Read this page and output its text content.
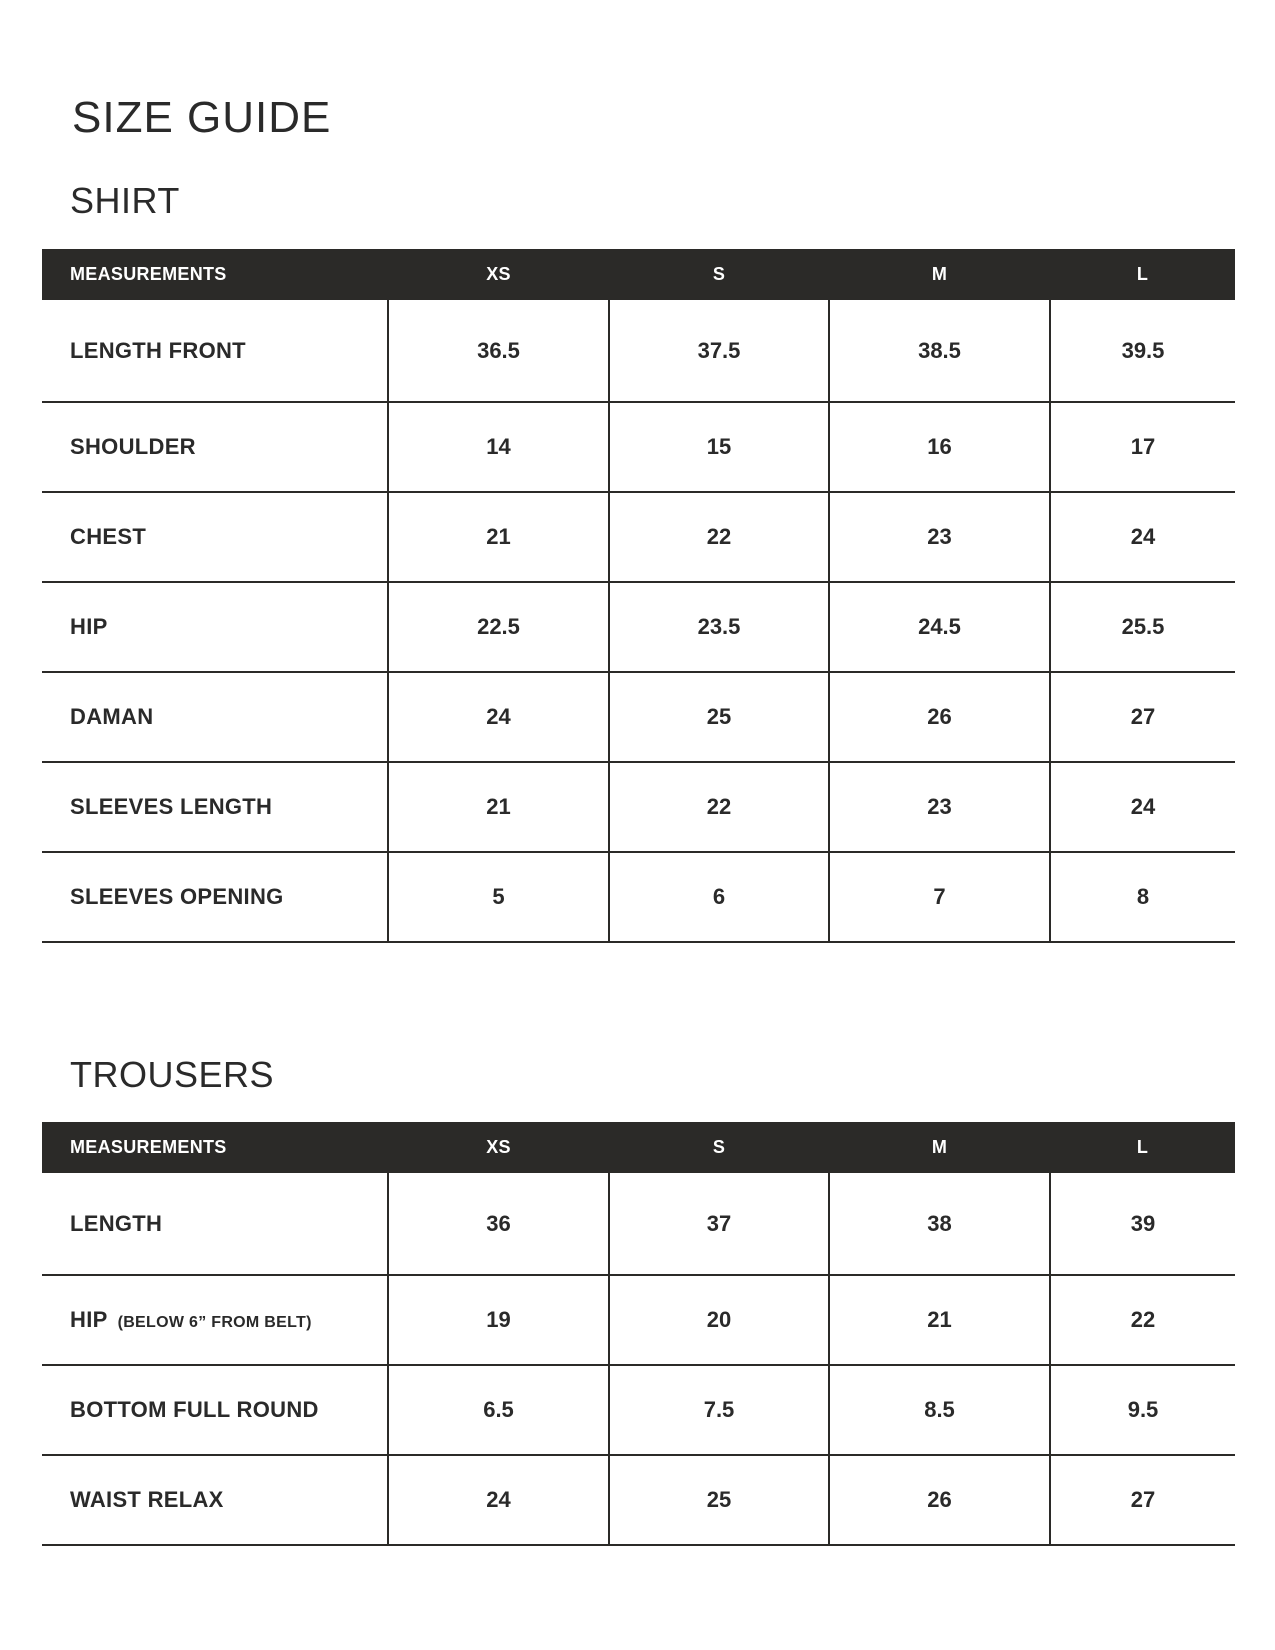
SIZE GUIDE
SHIRT
MEASUREMENTS	XS	S	M	L
LENGTH FRONT	36.5	37.5	38.5	39.5
SHOULDER	14	15	16	17
CHEST	21	22	23	24
HIP	22.5	23.5	24.5	25.5
DAMAN	24	25	26	27
SLEEVES LENGTH	21	22	23	24
SLEEVES OPENING	5	6	7	8
TROUSERS
MEASUREMENTS	XS	S	M	L
LENGTH	36	37	38	39
HIP (BELOW 6” FROM BELT)	19	20	21	22
BOTTOM FULL ROUND	6.5	7.5	8.5	9.5
WAIST RELAX	24	25	26	27
